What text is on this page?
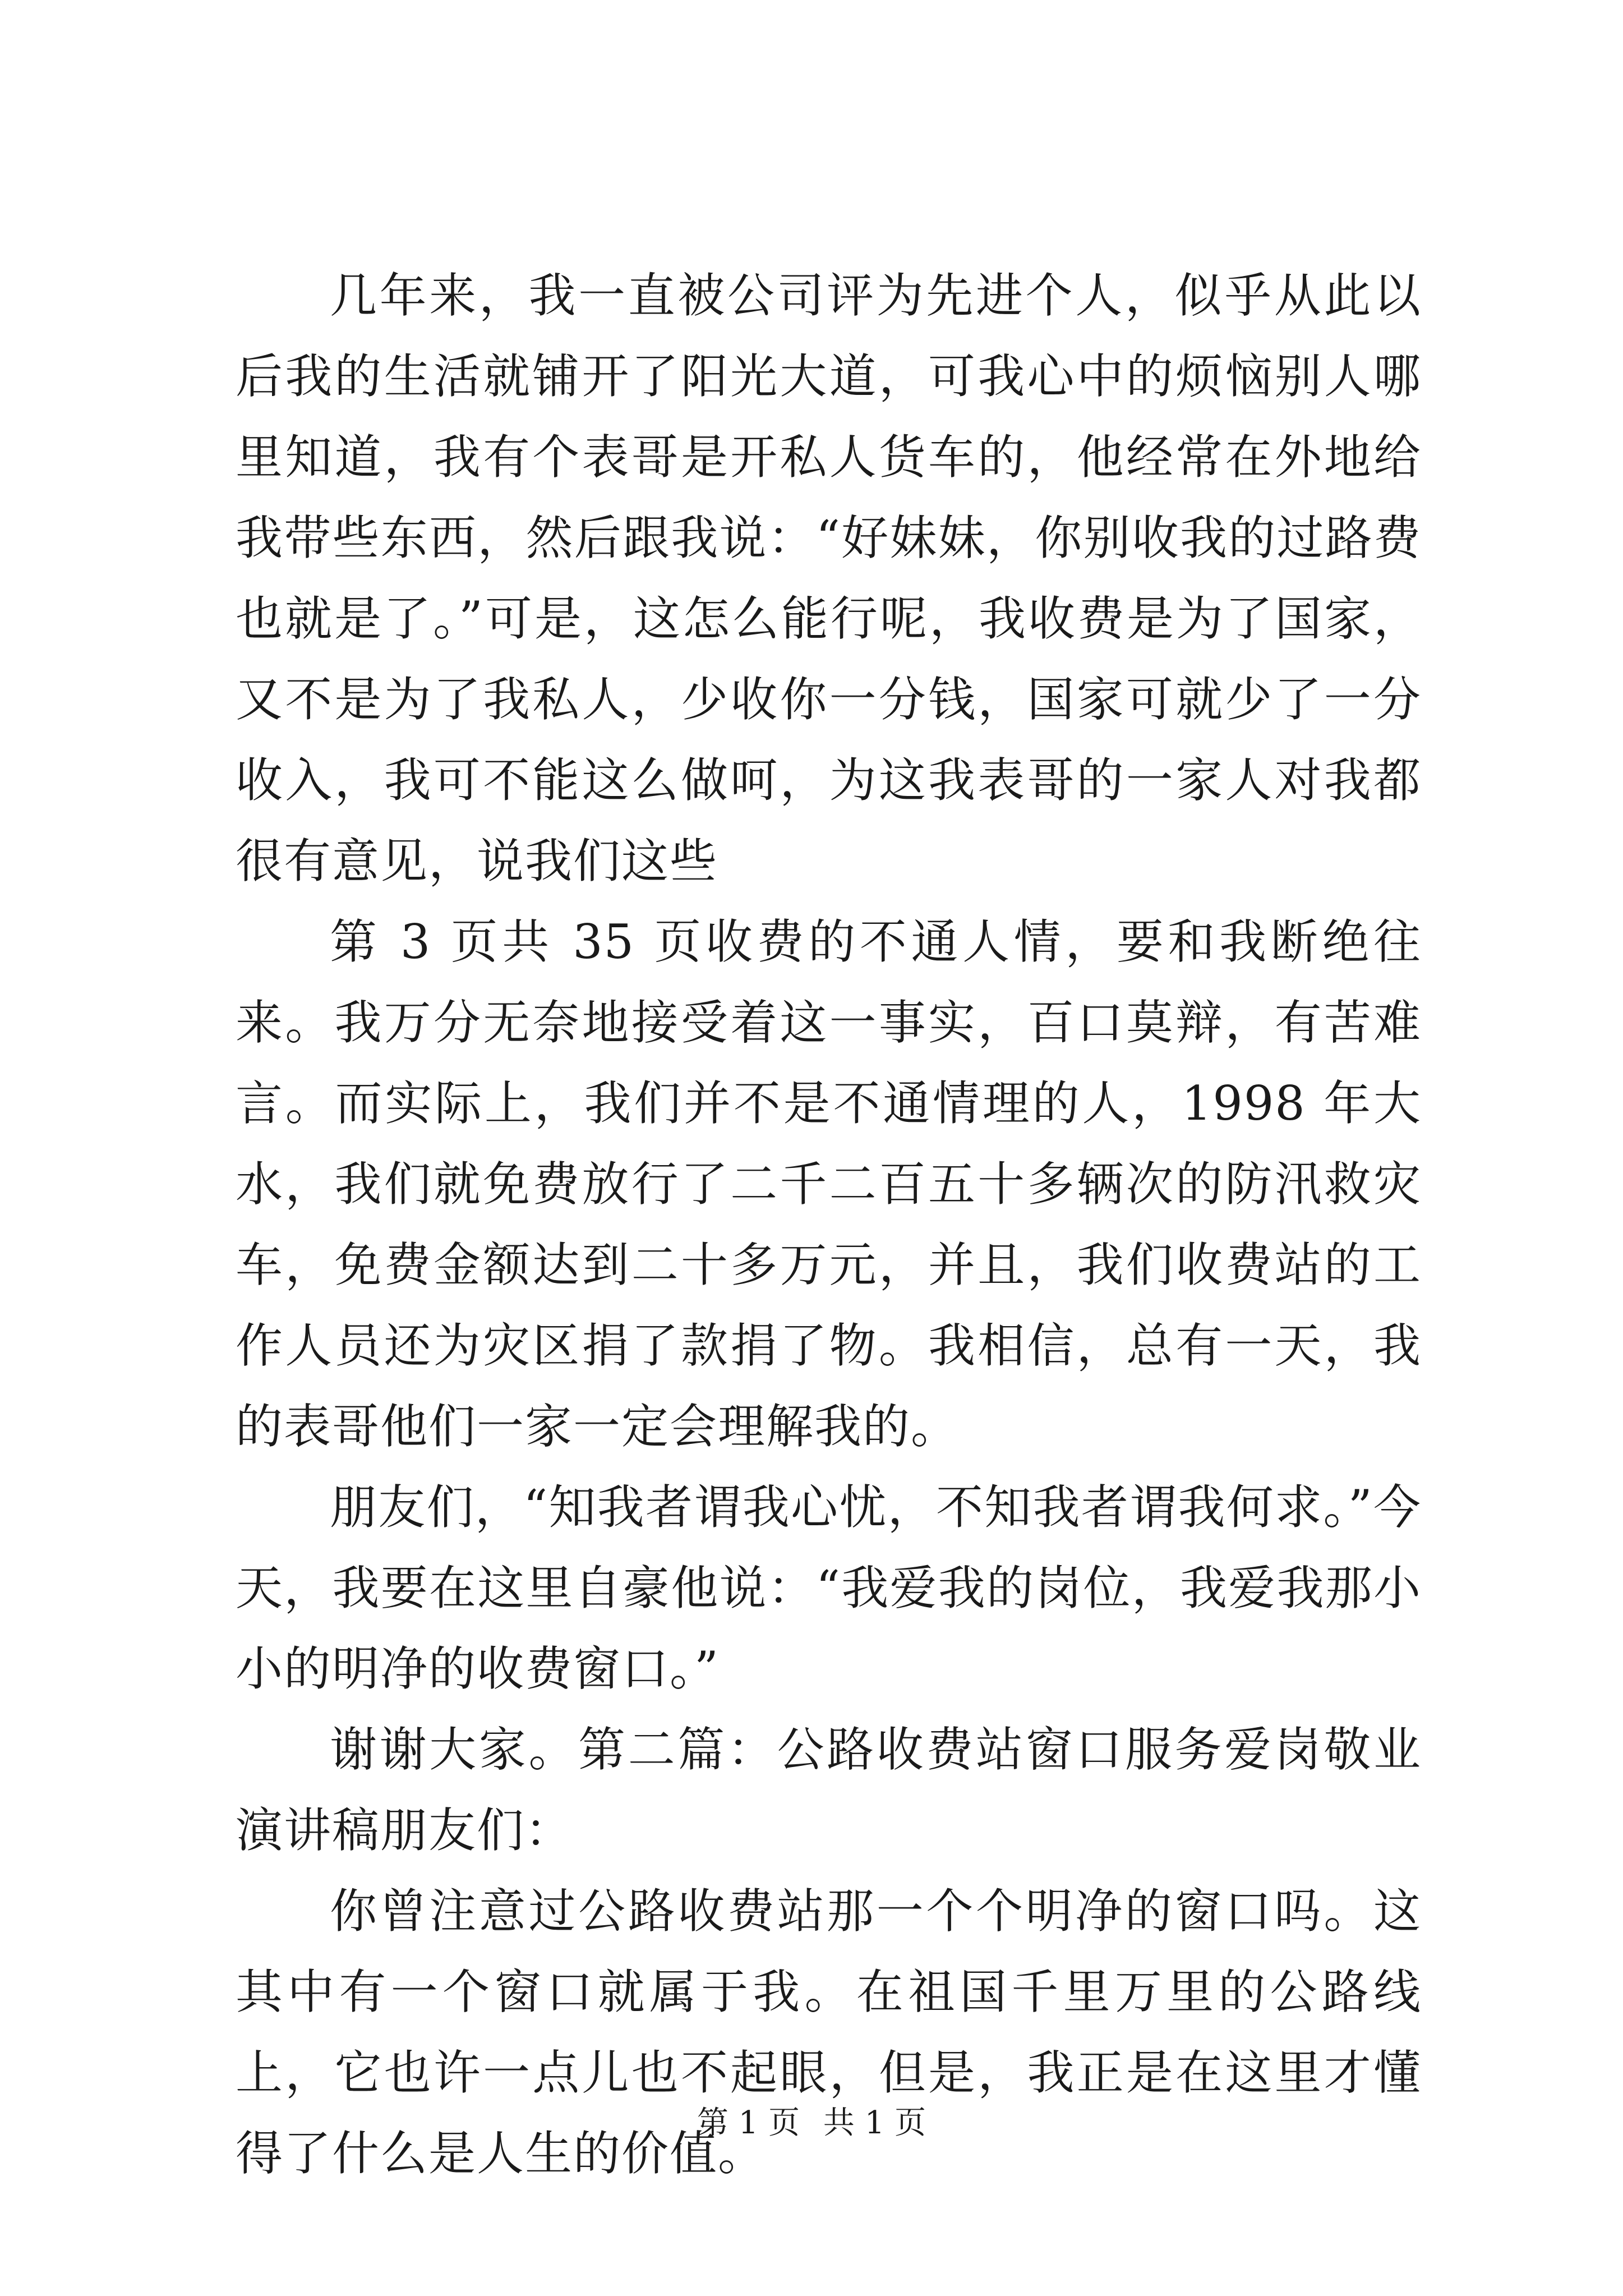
几年来，我一直被公司评为先进个人，似乎从此以后我的生活就铺开了阳光大道，可我心中的烦恼别人哪里知道，我有个表哥是开私人货车的，他经常在外地给我带些东西，然后跟我说：“好妹妹，你别收我的过路费也就是了。”可是，这怎么能行呢，我收费是为了国家，又不是为了我私人，少收你一分钱，国家可就少了一分收入，我可不能这么做呵，为这我表哥的一家人对我都很有意见，说我们这些

第 3 页共 35 页收费的不通人情，要和我断绝往来。我万分无奈地接受着这一事实，百口莫辩，有苦难言。而实际上，我们并不是不通情理的人，1998 年大水，我们就免费放行了二千二百五十多辆次的防汛救灾车，免费金额达到二十多万元，并且，我们收费站的工作人员还为灾区捐了款捐了物。我相信，总有一天，我的表哥他们一家一定会理解我的。

朋友们，“知我者谓我心忧，不知我者谓我何求。”今天，我要在这里自豪他说：“我爱我的岗位，我爱我那小小的明净的收费窗口。”

谢谢大家。第二篇：公路收费站窗口服务爱岗敬业演讲稿朋友们：

你曾注意过公路收费站那一个个明净的窗口吗。这其中有一个窗口就属于我。在祖国千里万里的公路线上，它也许一点儿也不起眼，但是，我正是在这里才懂得了什么是人生的价值。

第 1 页 共 1 页
